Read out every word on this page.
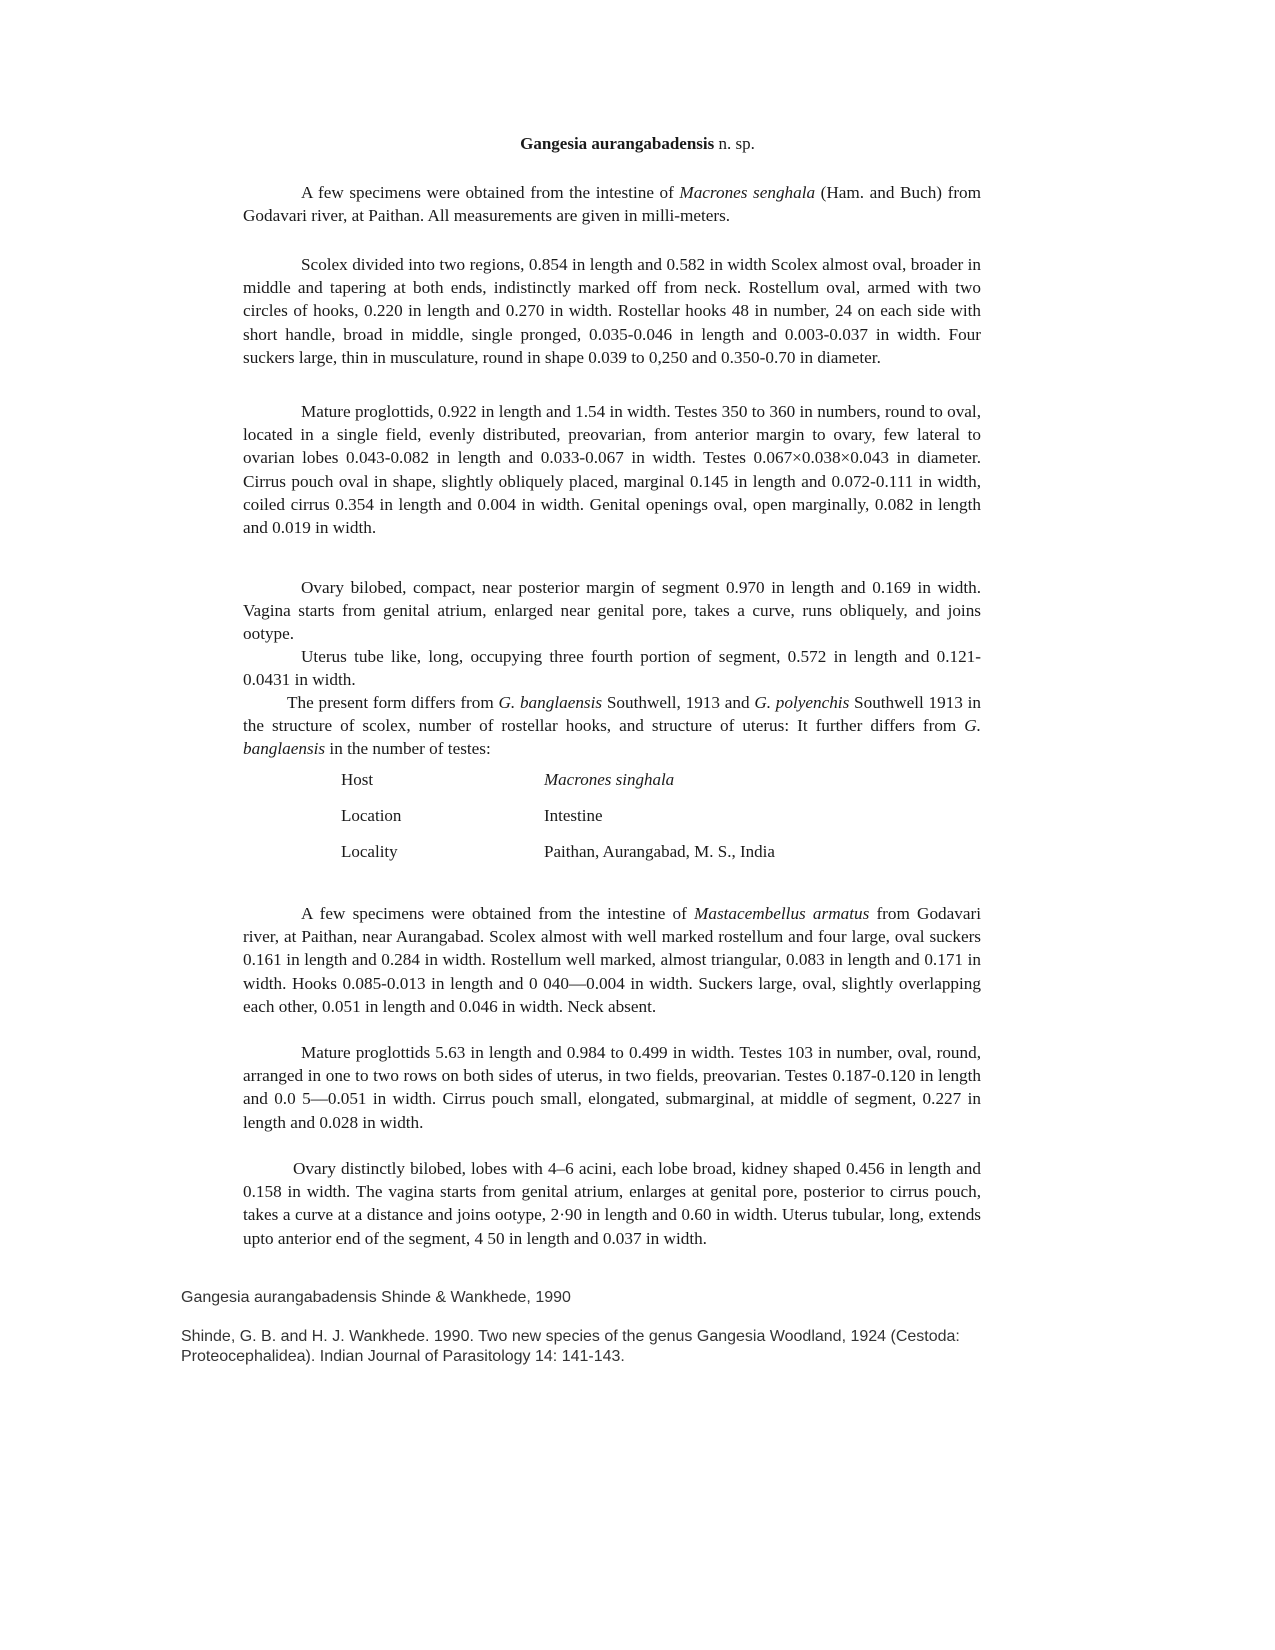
Gangesia aurangabadensis n. sp.

A few specimens were obtained from the intestine of Macrones senghala (Ham. and Buch) from Godavari river, at Paithan. All measurements are given in milli-meters.

Scolex divided into two regions, 0.854 in length and 0.582 in width Scolex almost oval, broader in middle and tapering at both ends, indistinctly marked off from neck. Rostellum oval, armed with two circles of hooks, 0.220 in length and 0.270 in width. Rostellar hooks 48 in number, 24 on each side with short handle, broad in middle, single pronged, 0.035-0.046 in length and 0.003-0.037 in width. Four suckers large, thin in musculature, round in shape 0.039 to 0,250 and 0.350-0.70 in diameter.

Mature proglottids, 0.922 in length and 1.54 in width. Testes 350 to 360 in numbers, round to oval, located in a single field, evenly distributed, preovarian, from anterior margin to ovary, few lateral to ovarian lobes 0.043-0.082 in length and 0.033-0.067 in width. Testes 0.067×0.038×0.043 in diameter. Cirrus pouch oval in shape, slightly obliquely placed, marginal 0.145 in length and 0.072-0.111 in width, coiled cirrus 0.354 in length and 0.004 in width. Genital openings oval, open marginally, 0.082 in length and 0.019 in width.

Ovary bilobed, compact, near posterior margin of segment 0.970 in length and 0.169 in width. Vagina starts from genital atrium, enlarged near genital pore, takes a curve, runs obliquely, and joins ootype.

Uterus tube like, long, occupying three fourth portion of segment, 0.572 in length and 0.121-0.0431 in width.

The present form differs from G. banglaensis Southwell, 1913 and G. polyenchis Southwell 1913 in the structure of scolex, number of rostellar hooks, and structure of uterus: It further differs from G. banglaensis in the number of testes:

Host	Macrones singhala
Location	Intestine
Locality	Paithan, Aurangabad, M. S., India

A few specimens were obtained from the intestine of Mastacembellus armatus from Godavari river, at Paithan, near Aurangabad. Scolex almost with well marked rostellum and four large, oval suckers 0.161 in length and 0.284 in width. Rostellum well marked, almost triangular, 0.083 in length and 0.171 in width. Hooks 0.085-0.013 in length and 0 040—0.004 in width. Suckers large, oval, slightly overlapping each other, 0.051 in length and 0.046 in width. Neck absent.

Mature proglottids 5.63 in length and 0.984 to 0.499 in width. Testes 103 in number, oval, round, arranged in one to two rows on both sides of uterus, in two fields, preovarian. Testes 0.187-0.120 in length and 0.0 5—0.051 in width. Cirrus pouch small, elongated, submarginal, at middle of segment, 0.227 in length and 0.028 in width.

Ovary distinctly bilobed, lobes with 4–6 acini, each lobe broad, kidney shaped 0.456 in length and 0.158 in width. The vagina starts from genital atrium, enlarges at genital pore, posterior to cirrus pouch, takes a curve at a distance and joins ootype, 2·90 in length and 0.60 in width. Uterus tubular, long, extends upto anterior end of the segment, 4 50 in length and 0.037 in width.

Gangesia aurangabadensis Shinde & Wankhede, 1990
Shinde, G. B. and H. J. Wankhede. 1990. Two new species of the genus Gangesia Woodland, 1924 (Cestoda: Proteocephalidea). Indian Journal of Parasitology 14: 141-143.
